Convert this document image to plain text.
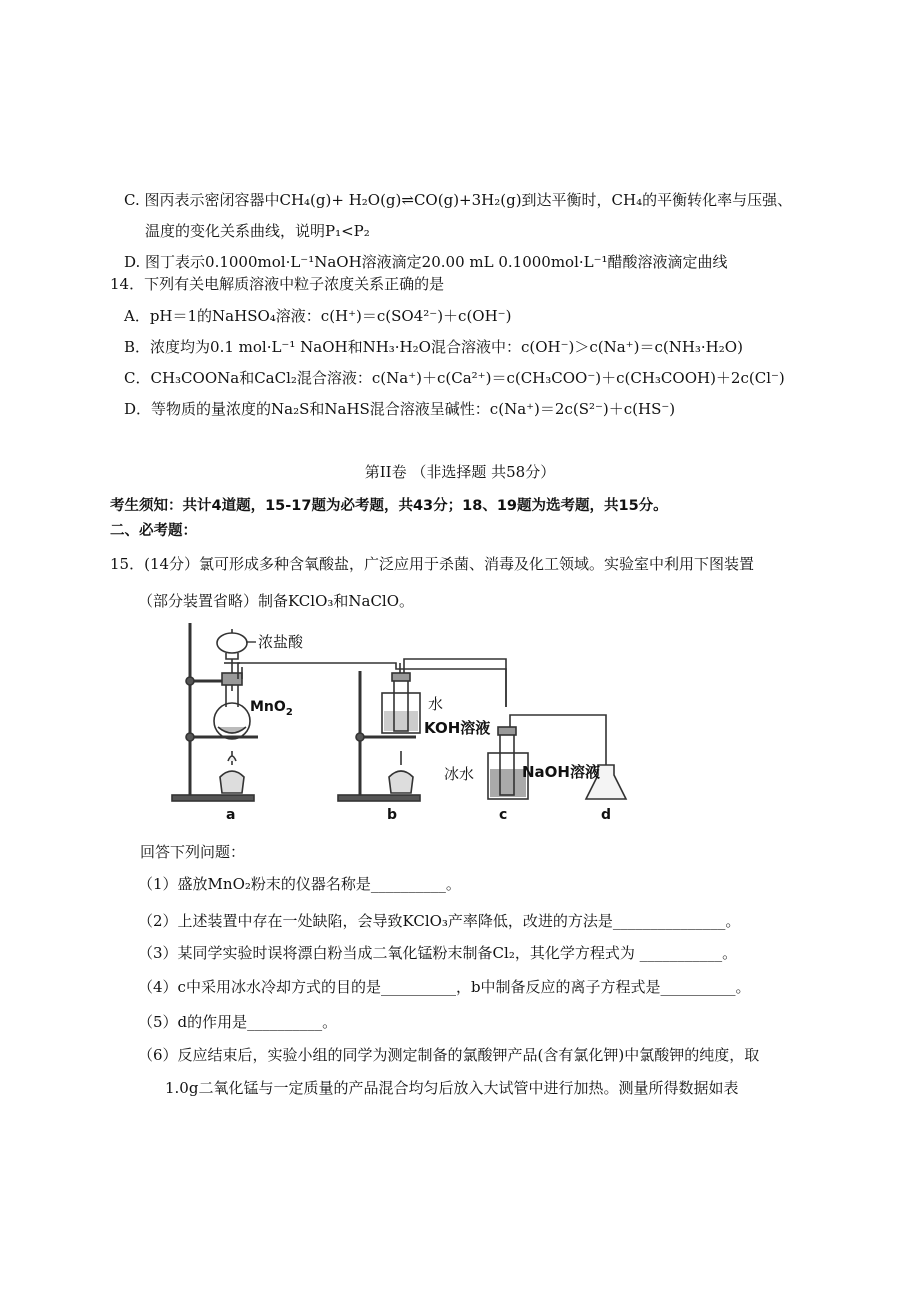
C. 图丙表示密闭容器中CH₄(g)+ H₂O(g)⇌CO(g)+3H₂(g)到达平衡时，CH₄的平衡转化率与压强、
温度的变化关系曲线，说明P₁<P₂
D. 图丁表示0.1000mol·L⁻¹NaOH溶液滴定20.00 mL 0.1000mol·L⁻¹醋酸溶液滴定曲线
14．下列有关电解质溶液中粒子浓度关系正确的是
A．pH＝1的NaHSO₄溶液：c(H⁺)＝c(SO4²⁻)＋c(OH⁻)
B．浓度均为0.1 mol·L⁻¹ NaOH和NH₃·H₂O混合溶液中：c(OH⁻)＞c(Na⁺)＝c(NH₃·H₂O)
C．CH₃COONa和CaCl₂混合溶液：c(Na⁺)＋c(Ca²⁺)＝c(CH₃COO⁻)＋c(CH₃COOH)＋2c(Cl⁻)
D．等物质的量浓度的Na₂S和NaHS混合溶液呈碱性：c(Na⁺)＝2c(S²⁻)＋c(HS⁻)
第II卷 （非选择题 共58分）
考生须知：共计4道题，15-17题为必考题，共43分；18、19题为选考题，共15分。
二、必考题：
15．(14分）氯可形成多种含氧酸盐，广泛应用于杀菌、消毒及化工领域。实验室中利用下图装置
（部分装置省略）制备KClO₃和NaClO。
浓盐酸
MnO$_2$	水
KOH溶液
冰水	NaOH溶液
a	b	c	d
回答下列问题：
（1）盛放MnO₂粉末的仪器名称是__________。
（2）上述装置中存在一处缺陷，会导致KClO₃产率降低，改进的方法是_______________。
（3）某同学实验时误将漂白粉当成二氧化锰粉末制备Cl₂，其化学方程式为 ___________。
（4）c中采用冰水冷却方式的目的是__________，b中制备反应的离子方程式是__________。
（5）d的作用是__________。
（6）反应结束后，实验小组的同学为测定制备的氯酸钾产品(含有氯化钾)中氯酸钾的纯度，取
1.0g二氧化锰与一定质量的产品混合均匀后放入大试管中进行加热。测量所得数据如表
